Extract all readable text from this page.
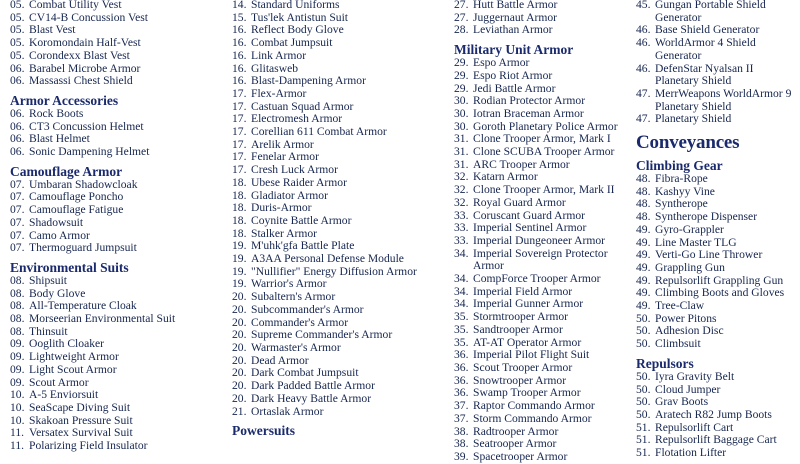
05. Combat Utility Vest
05. CV14-B Concussion Vest
05. Blast Vest
05. Koromondain Half-Vest
05. Corondexx Blast Vest
06. Barabel Microbe Armor
06. Massassi Chest Shield
Armor Accessories
06. Rock Boots
06. CT3 Concussion Helmet
06. Blast Helmet
06. Sonic Dampening Helmet
Camouflage Armor
07. Umbaran Shadowcloak
07. Camouflage Poncho
07. Camouflage Fatigue
07. Shadowsuit
07. Camo Armor
07. Thermoguard Jumpsuit
Environmental Suits
08. Shipsuit
08. Body Glove
08. All-Temperature Cloak
08. Morseerian Environmental Suit
08. Thinsuit
09. Ooglith Cloaker
09. Lightweight Armor
09. Light Scout Armor
09. Scout Armor
10. A-5 Enviorsuit
10. SeaScape Diving Suit
10. Skakoan Pressure Suit
11. Versatex Survival Suit
11. Polarizing Field Insulator
14. Standard Uniforms
15. Tus'lek Antistun Suit
16. Reflect Body Glove
16. Combat Jumpsuit
16. Link Armor
16. Glitasweb
16. Blast-Dampening Armor
17. Flex-Armor
17. Castuan Squad Armor
17. Electromesh Armor
17. Corellian 611 Combat Armor
17. Arelik Armor
17. Fenelar Armor
17. Cresh Luck Armor
18. Ubese Raider Armor
18. Gladiator Armor
18. Duris-Armor
18. Coynite Battle Armor
18. Stalker Armor
19. M'uhk'gfa Battle Plate
19. A3AA Personal Defense Module
19. "Nullifier" Energy Diffusion Armor
19. Warrior's Armor
20. Subaltern's Armor
20. Subcommander's Armor
20. Commander's Armor
20. Supreme Commander's Armor
20. Warmaster's Armor
20. Dead Armor
20. Dark Combat Jumpsuit
20. Dark Padded Battle Armor
20. Dark Heavy Battle Armor
21. Ortaslak Armor
Powersuits
27. Hutt Battle Armor
27. Juggernaut Armor
28. Leviathan Armor
Military Unit Armor
29. Espo Armor
29. Espo Riot Armor
29. Jedi Battle Armor
30. Rodian Protector Armor
30. Iotran Braceman Armor
30. Goroth Planetary Police Armor
31. Clone Trooper Armor, Mark I
31. Clone SCUBA Trooper Armor
31. ARC Trooper Armor
32. Katarn Armor
32. Clone Trooper Armor, Mark II
32. Royal Guard Armor
33. Coruscant Guard Armor
33. Imperial Sentinel Armor
33. Imperial Dungeoneer Armor
34. Imperial Sovereign Protector Armor
34. CompForce Trooper Armor
34. Imperial Field Armor
34. Imperial Gunner Armor
35. Stormtrooper Armor
35. Sandtrooper Armor
35. AT-AT Operator Armor
36. Imperial Pilot Flight Suit
36. Scout Trooper Armor
36. Snowtrooper Armor
36. Swamp Trooper Armor
37. Raptor Commando Armor
37. Storm Commando Armor
38. Radtrooper Armor
38. Seatrooper Armor
39. Spacetrooper Armor
45. Gungan Portable Shield Generator
46. Base Shield Generator
46. WorldArmor 4 Shield Generator
46. DefenStar Nyalsan II Planetary Shield
47. MerrWeapons WorldArmor 9 Planetary Shield
47. Planetary Shield
Conveyances
Climbing Gear
48. Fibra-Rope
48. Kashyy Vine
48. Syntherope
48. Syntherope Dispenser
49. Gyro-Grappler
49. Line Master TLG
49. Verti-Go Line Thrower
49. Grappling Gun
49. Repulsorlift Grappling Gun
49. Climbing Boots and Gloves
49. Tree-Claw
50. Power Pitons
50. Adhesion Disc
50. Climbsuit
Repulsors
50. Iyra Gravity Belt
50. Cloud Jumper
50. Grav Boots
50. Aratech R82 Jump Boots
51. Repulsorlift Cart
51. Repulsorlift Baggage Cart
51. Flotation Lifter
